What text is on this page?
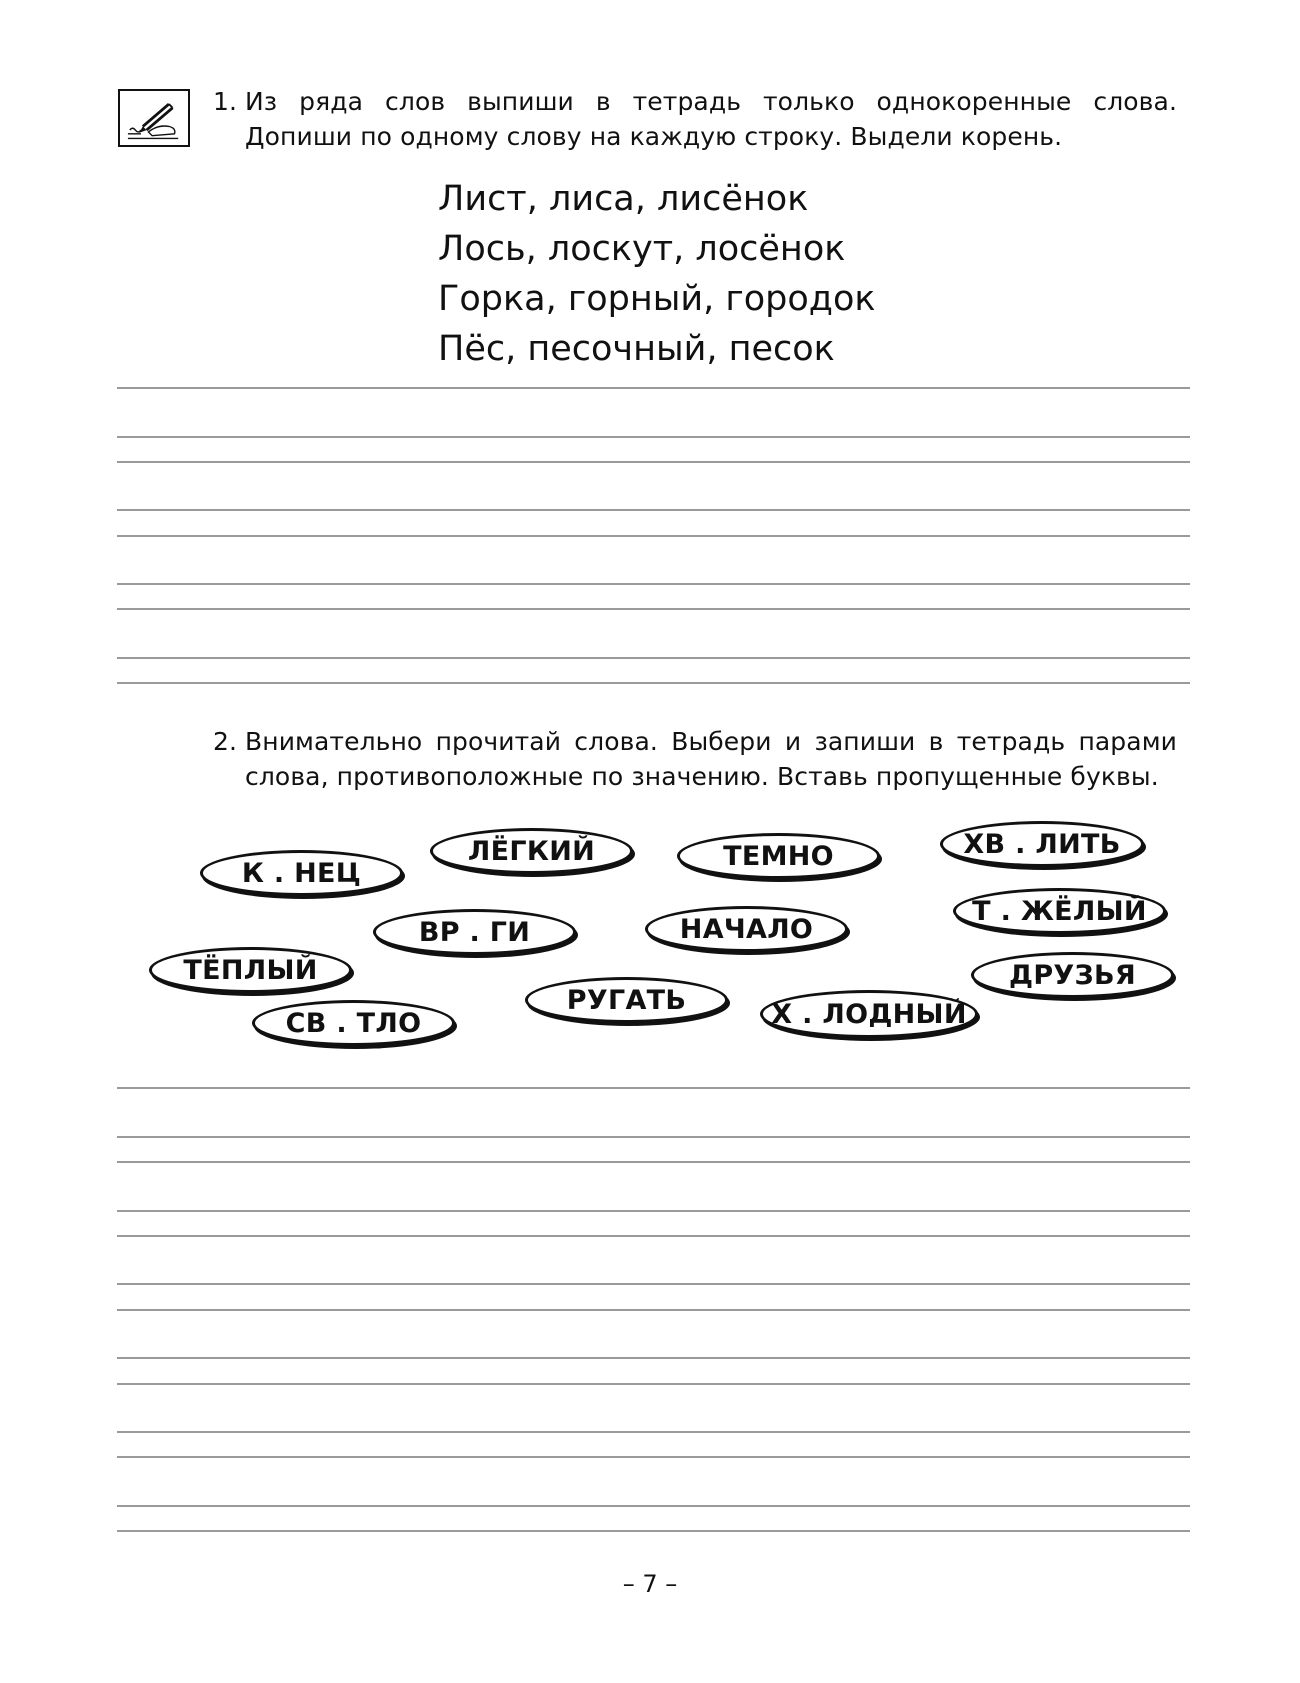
1. Из ряда слов выпиши в тетрадь только однокоренные слова. Допиши по одному слову на каждую строку. Выдели корень.
Лист, лиса, лисёнок
Лось, лоскут, лосёнок
Горка, горный, городок
Пёс, песочный, песок
2. Внимательно прочитай слова. Выбери и запиши в тетрадь парами слова, противоположные по значению. Вставь пропущенные буквы.
ЛЁГКИЙ	ТЕМНО	ХВ . ЛИТЬ
К . НЕЦ
Т . ЖЁЛЫЙ
ВР . ГИ	НАЧАЛО
ТЁПЛЫЙ	ДРУЗЬЯ
РУГАТЬ
СВ . ТЛО	Х . ЛОДНЫЙ
– 7 –
